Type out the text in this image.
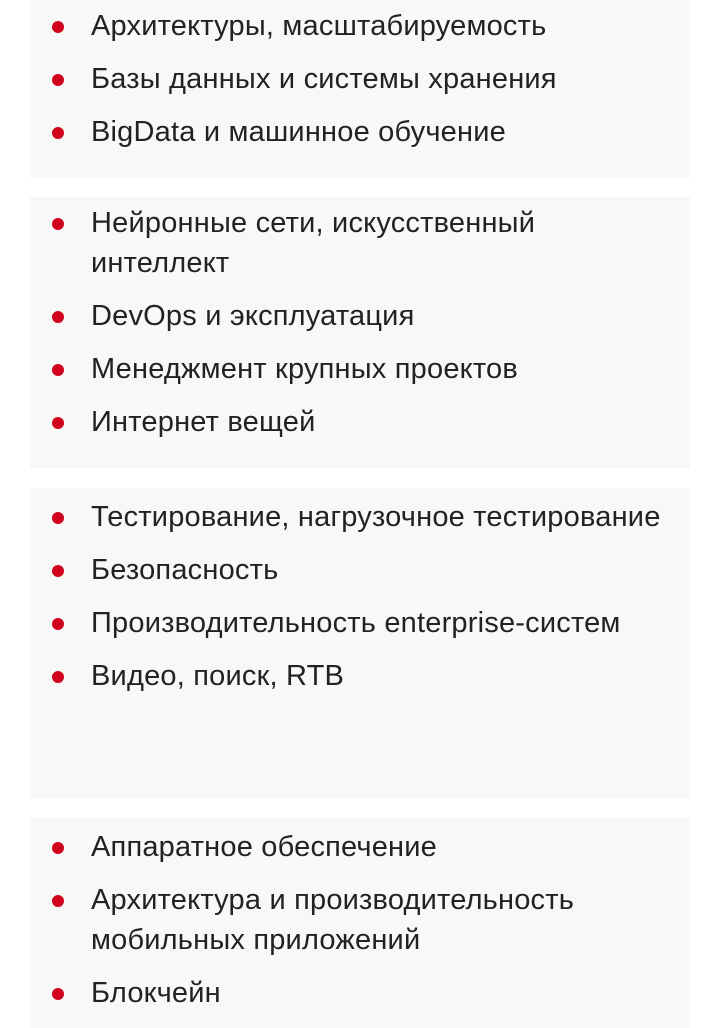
Архитектуры, масштабируемость
Базы данных и системы хранения
BigData и машинное обучение
Нейронные сети, искусственный интеллект
DevOps и эксплуатация
Менеджмент крупных проектов
Интернет вещей
Тестирование, нагрузочное тестирование
Безопасность
Производительность enterprise-систем
Видео, поиск, RTB
Аппаратное обеспечение
Архитектура и производительность мобильных приложений
Блокчейн
